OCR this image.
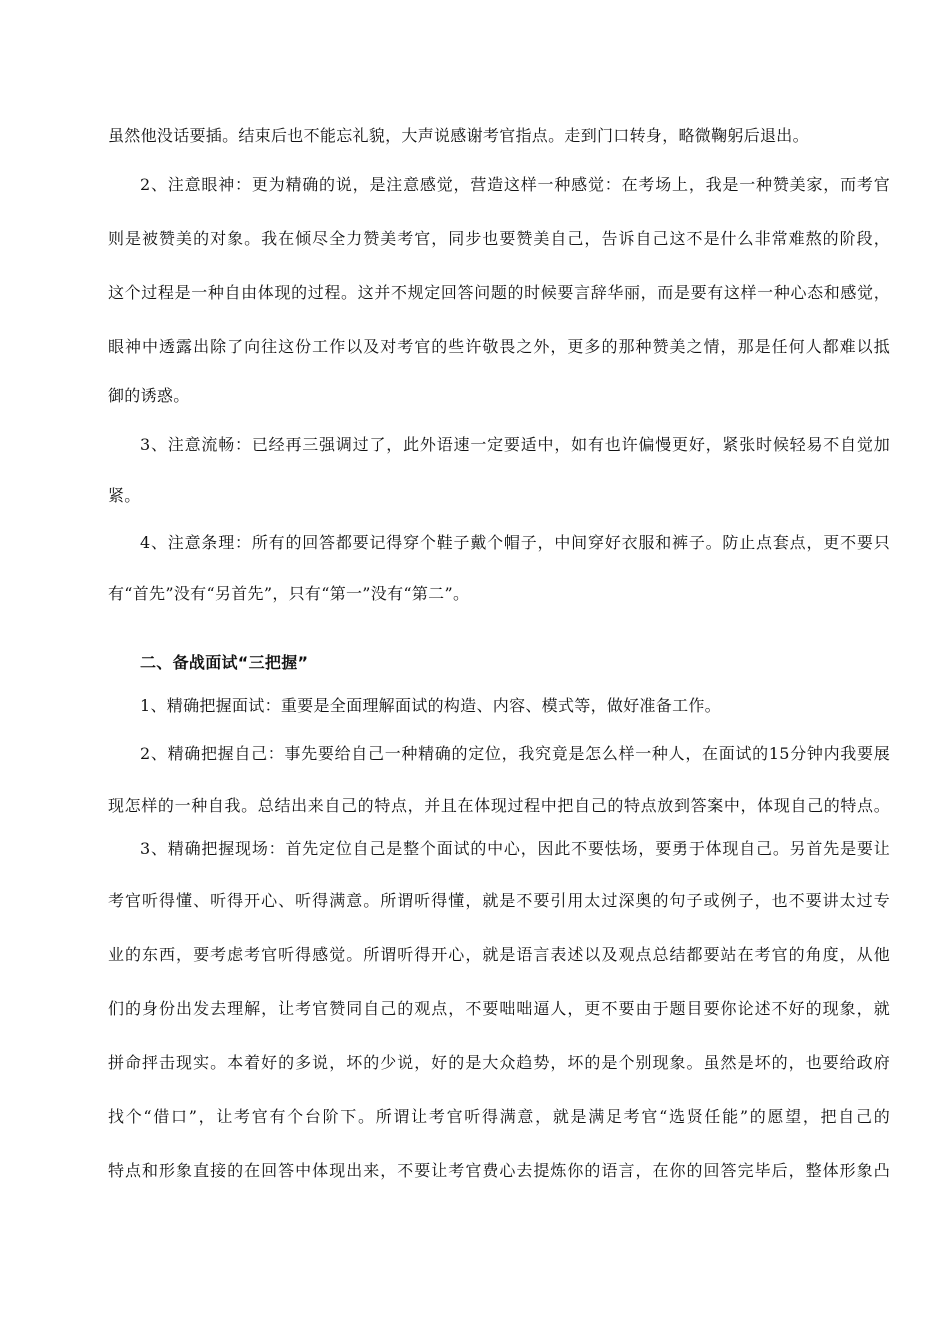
虽然他没话要插。结束后也不能忘礼貌，大声说感谢考官指点。走到门口转身，略微鞠躬后退出。
2、注意眼神：更为精确的说，是注意感觉，营造这样一种感觉：在考场上，我是一种赞美家，而考官
则是被赞美的对象。我在倾尽全力赞美考官，同步也要赞美自己，告诉自己这不是什么非常难熬的阶段，
这个过程是一种自由体现的过程。这并不规定回答问题的时候要言辞华丽，而是要有这样一种心态和感觉，
眼神中透露出除了向往这份工作以及对考官的些许敬畏之外，更多的那种赞美之情，那是任何人都难以抵
御的诱惑。
3、注意流畅：已经再三强调过了，此外语速一定要适中，如有也许偏慢更好，紧张时候轻易不自觉加
紧。
4、注意条理：所有的回答都要记得穿个鞋子戴个帽子，中间穿好衣服和裤子。防止点套点，更不要只
有“首先”没有“另首先”，只有“第一”没有“第二”。
二、备战面试“三把握”
1、精确把握面试：重要是全面理解面试的构造、内容、模式等，做好准备工作。
2、精确把握自己：事先要给自己一种精确的定位，我究竟是怎么样一种人，在面试的15分钟内我要展
现怎样的一种自我。总结出来自己的特点，并且在体现过程中把自己的特点放到答案中，体现自己的特点。
3、精确把握现场：首先定位自己是整个面试的中心，因此不要怯场，要勇于体现自己。另首先是要让
考官听得懂、听得开心、听得满意。所谓听得懂，就是不要引用太过深奥的句子或例子，也不要讲太过专
业的东西，要考虑考官听得感觉。所谓听得开心，就是语言表述以及观点总结都要站在考官的角度，从他
们的身份出发去理解，让考官赞同自己的观点，不要咄咄逼人，更不要由于题目要你论述不好的现象，就
拼命抨击现实。本着好的多说，坏的少说，好的是大众趋势，坏的是个别现象。虽然是坏的，也要给政府
找个“借口”，让考官有个台阶下。所谓让考官听得满意，就是满足考官“选贤任能”的愿望，把自己的
特点和形象直接的在回答中体现出来，不要让考官费心去提炼你的语言，在你的回答完毕后，整体形象凸
